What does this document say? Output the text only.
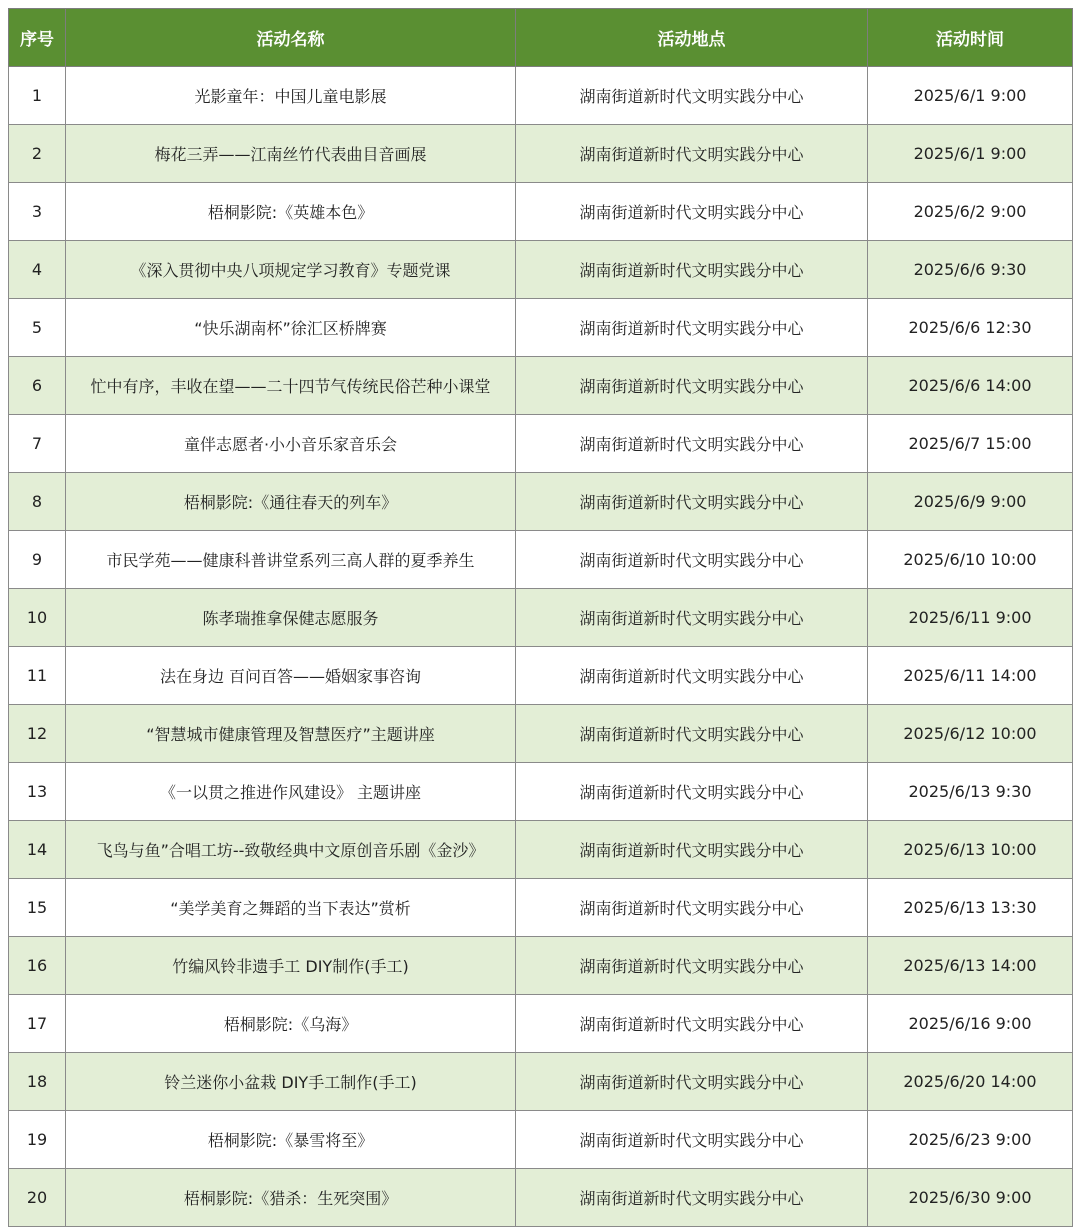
序号	活动名称	活动地点	活动时间
1	光影童年：中国儿童电影展	湖南街道新时代文明实践分中心	2025/6/1 9:00
2	梅花三弄——江南丝竹代表曲目音画展	湖南街道新时代文明实践分中心	2025/6/1 9:00
3	梧桐影院:《英雄本色》	湖南街道新时代文明实践分中心	2025/6/2 9:00
4	《深入贯彻中央八项规定学习教育》专题党课	湖南街道新时代文明实践分中心	2025/6/6 9:30
5	“快乐湖南杯”徐汇区桥牌赛	湖南街道新时代文明实践分中心	2025/6/6 12:30
6	忙中有序，丰收在望——二十四节气传统民俗芒种小课堂	湖南街道新时代文明实践分中心	2025/6/6 14:00
7	童伴志愿者·小小音乐家音乐会	湖南街道新时代文明实践分中心	2025/6/7 15:00
8	梧桐影院:《通往春天的列车》	湖南街道新时代文明实践分中心	2025/6/9 9:00
9	市民学苑——健康科普讲堂系列三高人群的夏季养生	湖南街道新时代文明实践分中心	2025/6/10 10:00
10	陈孝瑞推拿保健志愿服务	湖南街道新时代文明实践分中心	2025/6/11 9:00
11	法在身边 百问百答——婚姻家事咨询	湖南街道新时代文明实践分中心	2025/6/11 14:00
12	“智慧城市健康管理及智慧医疗”主题讲座	湖南街道新时代文明实践分中心	2025/6/12 10:00
13	《一以贯之推进作风建设》 主题讲座	湖南街道新时代文明实践分中心	2025/6/13 9:30
14	飞鸟与鱼”合唱工坊--致敬经典中文原创音乐剧《金沙》	湖南街道新时代文明实践分中心	2025/6/13 10:00
15	“美学美育之舞蹈的当下表达”赏析	湖南街道新时代文明实践分中心	2025/6/13 13:30
16	竹编风铃非遗手工 DIY制作(手工)	湖南街道新时代文明实践分中心	2025/6/13 14:00
17	梧桐影院:《乌海》	湖南街道新时代文明实践分中心	2025/6/16 9:00
18	铃兰迷你小盆栽 DIY手工制作(手工)	湖南街道新时代文明实践分中心	2025/6/20 14:00
19	梧桐影院:《暴雪将至》	湖南街道新时代文明实践分中心	2025/6/23 9:00
20	梧桐影院:《猎杀：生死突围》	湖南街道新时代文明实践分中心	2025/6/30 9:00
